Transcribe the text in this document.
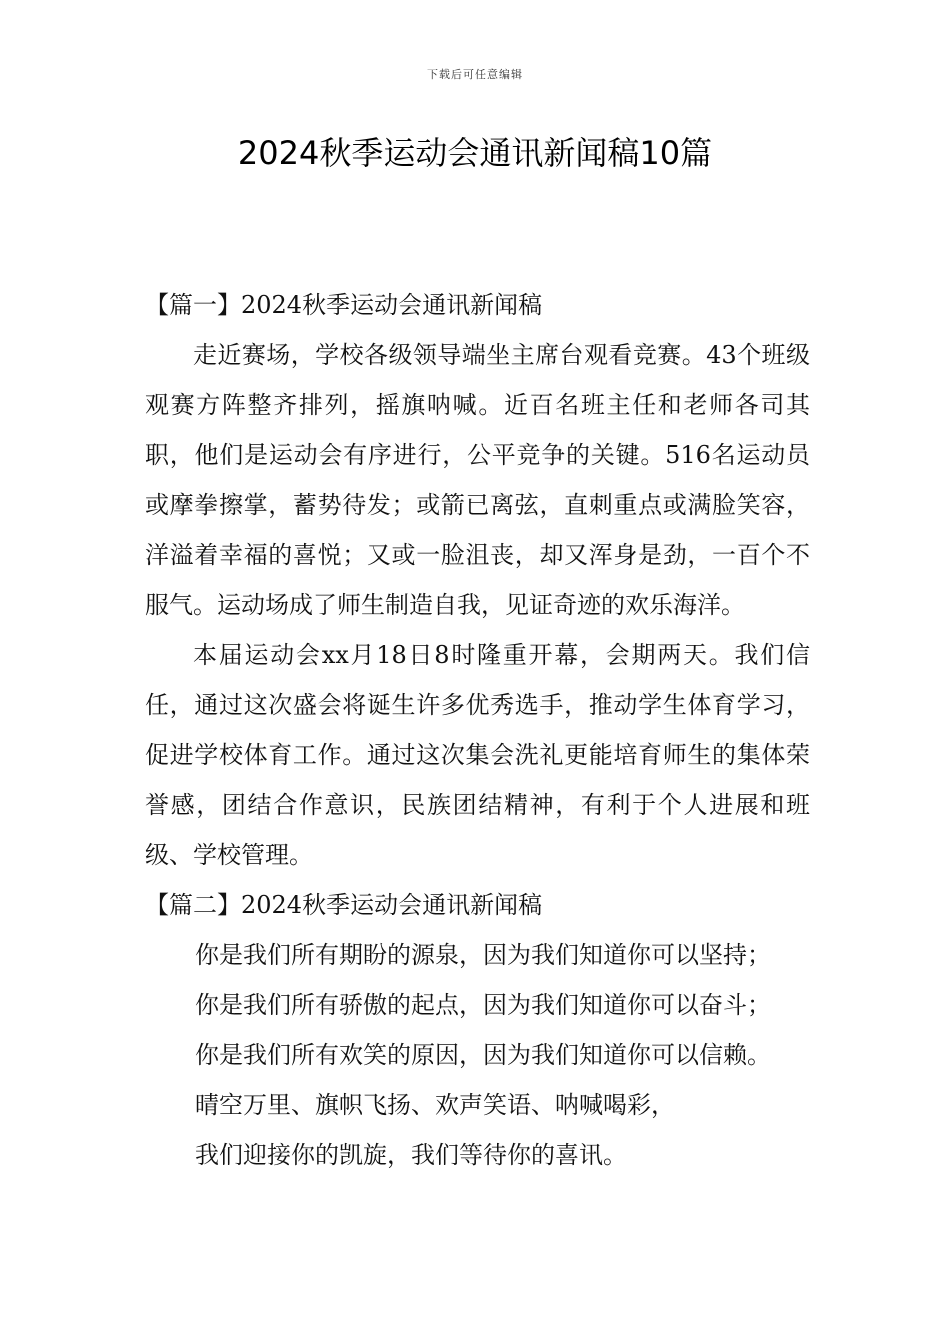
下载后可任意编辑
2024秋季运动会通讯新闻稿10篇
【篇一】2024秋季运动会通讯新闻稿

走近赛场，学校各级领导端坐主席台观看竞赛。43个班级观赛方阵整齐排列，摇旗呐喊。近百名班主任和老师各司其职，他们是运动会有序进行，公平竞争的关键。516名运动员或摩拳擦掌，蓄势待发；或箭已离弦，直刺重点或满脸笑容，洋溢着幸福的喜悦；又或一脸沮丧，却又浑身是劲，一百个不服气。运动场成了师生制造自我，见证奇迹的欢乐海洋。

本届运动会xx月18日8时隆重开幕，会期两天。我们信任，通过这次盛会将诞生许多优秀选手，推动学生体育学习，促进学校体育工作。通过这次集会洗礼更能培育师生的集体荣誉感，团结合作意识，民族团结精神，有利于个人进展和班级、学校管理。

【篇二】2024秋季运动会通讯新闻稿

你是我们所有期盼的源泉，因为我们知道你可以坚持；

你是我们所有骄傲的起点，因为我们知道你可以奋斗；

你是我们所有欢笑的原因，因为我们知道你可以信赖。

晴空万里、旗帜飞扬、欢声笑语、呐喊喝彩，

我们迎接你的凯旋，我们等待你的喜讯。
